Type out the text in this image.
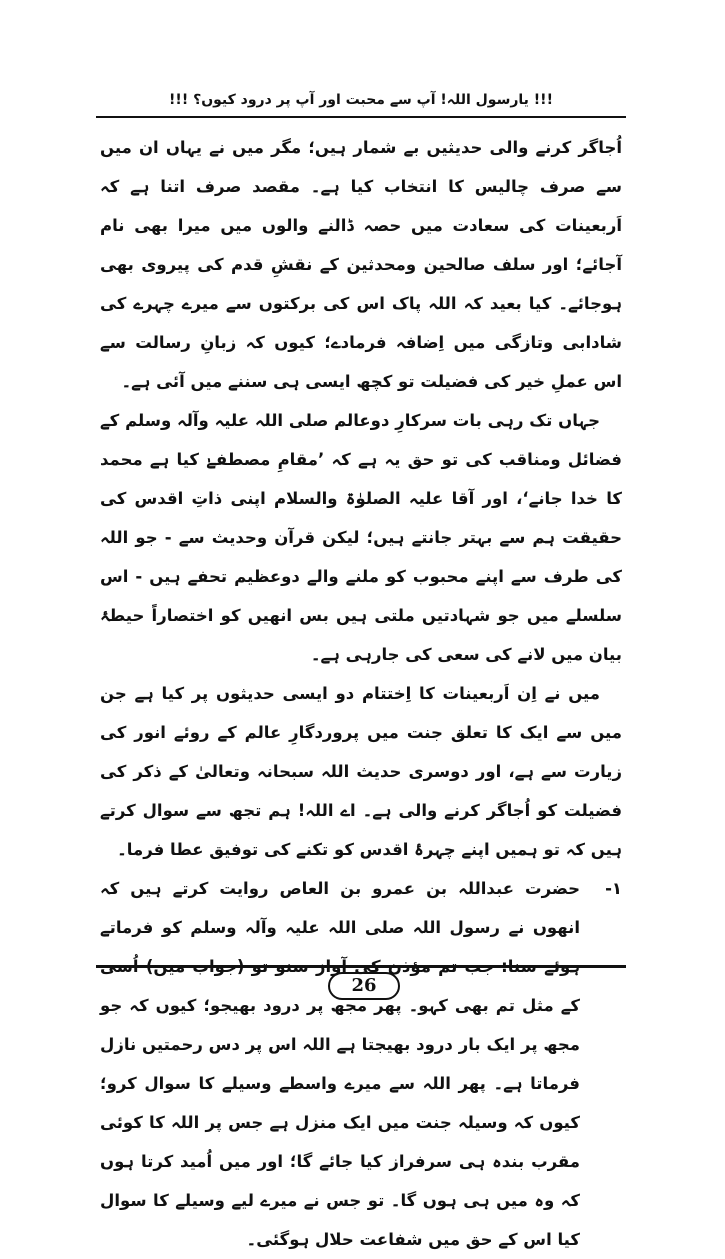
!!! یارسول اللہ! آپ سے محبت اور آپ پر درود کیوں؟ !!!

اُجاگر کرنے والی حدیثیں بے شمار ہیں؛ مگر میں نے یہاں ان میں سے صرف چالیس کا انتخاب کیا ہے۔ مقصد صرف اتنا ہے کہ اَربعینات کی سعادت میں حصہ ڈالنے والوں میں میرا بھی نام آجائے؛ اور سلف صالحین ومحدثین کے نقشِ قدم کی پیروی بھی ہوجائے۔ کیا بعید کہ اللہ پاک اس کی برکتوں سے میرے چہرے کی شادابی وتازگی میں اِضافہ فرمادے؛ کیوں کہ زبانِ رسالت سے اس عملِ خیر کی فضیلت تو کچھ ایسی ہی سننے میں آئی ہے۔

جہاں تک رہی بات سرکارِ دوعالم صلی اللہ علیہ وآلہ وسلم کے فضائل ومناقب کی تو حق یہ ہے کہ ’مقامِ مصطفےٰ کیا ہے محمد کا خدا جانے‘، اور آقا علیہ الصلوٰۃ والسلام اپنی ذاتِ اقدس کی حقیقت ہم سے بہتر جانتے ہیں؛ لیکن قرآن وحدیث سے - جو اللہ کی طرف سے اپنے محبوب کو ملنے والے دوعظیم تحفے ہیں - اس سلسلے میں جو شہادتیں ملتی ہیں بس انھیں کو اختصاراً حیطۂ بیان میں لانے کی سعی کی جارہی ہے۔

میں نے اِن اَربعینات کا اِختتام دو ایسی حدیثوں پر کیا ہے جن میں سے ایک کا تعلق جنت میں پروردگارِ عالم کے روئے انور کی زیارت سے ہے، اور دوسری حدیث اللہ سبحانہ وتعالیٰ کے ذکر کی فضیلت کو اُجاگر کرنے والی ہے۔ اے اللہ! ہم تجھ سے سوال کرتے ہیں کہ تو ہمیں اپنے چہرۂ اقدس کو تکنے کی توفیق عطا فرما۔

۱-

حضرت عبداللہ بن عمرو بن العاص روایت کرتے ہیں کہ انھوں نے رسول اللہ صلی اللہ علیہ وآلہ وسلم کو فرماتے ہوئے سنا: جب تم مؤذن کی آواز سنو تو (جواب میں) اُسی کے مثل تم بھی کہو۔ پھر مجھ پر درود بھیجو؛ کیوں کہ جو مجھ پر ایک بار درود بھیجتا ہے اللہ اس پر دس رحمتیں نازل فرماتا ہے۔ پھر اللہ سے میرے واسطے وسیلے کا سوال کرو؛ کیوں کہ وسیلہ جنت میں ایک منزل ہے جس پر اللہ کا کوئی مقرب بندہ ہی سرفراز کیا جائے گا؛ اور میں اُمید کرتا ہوں کہ وہ میں ہی ہوں گا۔ تو جس نے میرے لیے وسیلے کا سوال کیا اس کے حق میں شفاعت حلال ہوگئی۔

26
